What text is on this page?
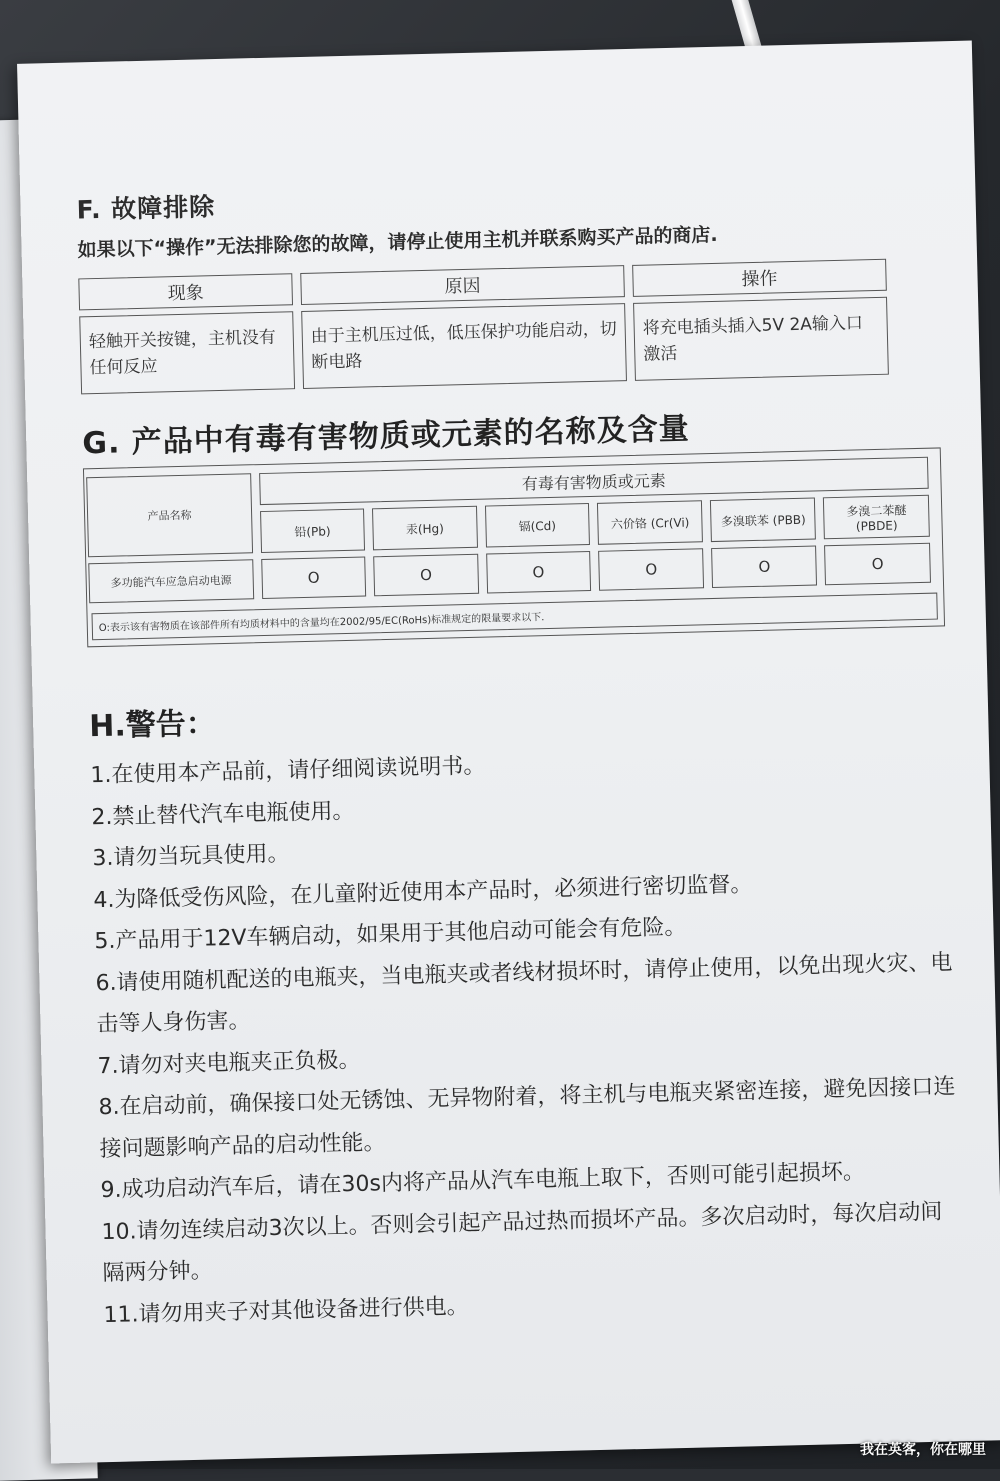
F. 故障排除
如果以下“操作”无法排除您的故障，请停止使用主机并联系购买产品的商店.
现象	原因	操作
轻触开关按键，主机没有任何反应	由于主机压过低，低压保护功能启动，切断电路	将充电插头插入5V 2A输入口激活
G. 产品中有毒有害物质或元素的名称及含量
产品名称	有毒有害物质或元素					
	铅(Pb)	汞(Hg)	镉(Cd)	六价铬 (Cr(Vi)	多溴联苯 (PBB)	多溴二苯醚 (PBDE)
多功能汽车应急启动电源	O	O	O	O	O	O
O:表示该有害物质在该部件所有均质材料中的含量均在2002/95/EC(RoHs)标准规定的限量要求以下.
H.警告：
1.在使用本产品前，请仔细阅读说明书。
2.禁止替代汽车电瓶使用。
3.请勿当玩具使用。
4.为降低受伤风险，在儿童附近使用本产品时，必须进行密切监督。
5.产品用于12V车辆启动，如果用于其他启动可能会有危险。
6.请使用随机配送的电瓶夹，当电瓶夹或者线材损坏时，请停止使用，以免出现火灾、电击等人身伤害。
7.请勿对夹电瓶夹正负极。
8.在启动前，确保接口处无锈蚀、无异物附着，将主机与电瓶夹紧密连接，避免因接口连接问题影响产品的启动性能。
9.成功启动汽车后，请在30s内将产品从汽车电瓶上取下，否则可能引起损坏。
10.请勿连续启动3次以上。否则会引起产品过热而损坏产品。多次启动时，每次启动间隔两分钟。
11.请勿用夹子对其他设备进行供电。
我在英客，你在哪里
